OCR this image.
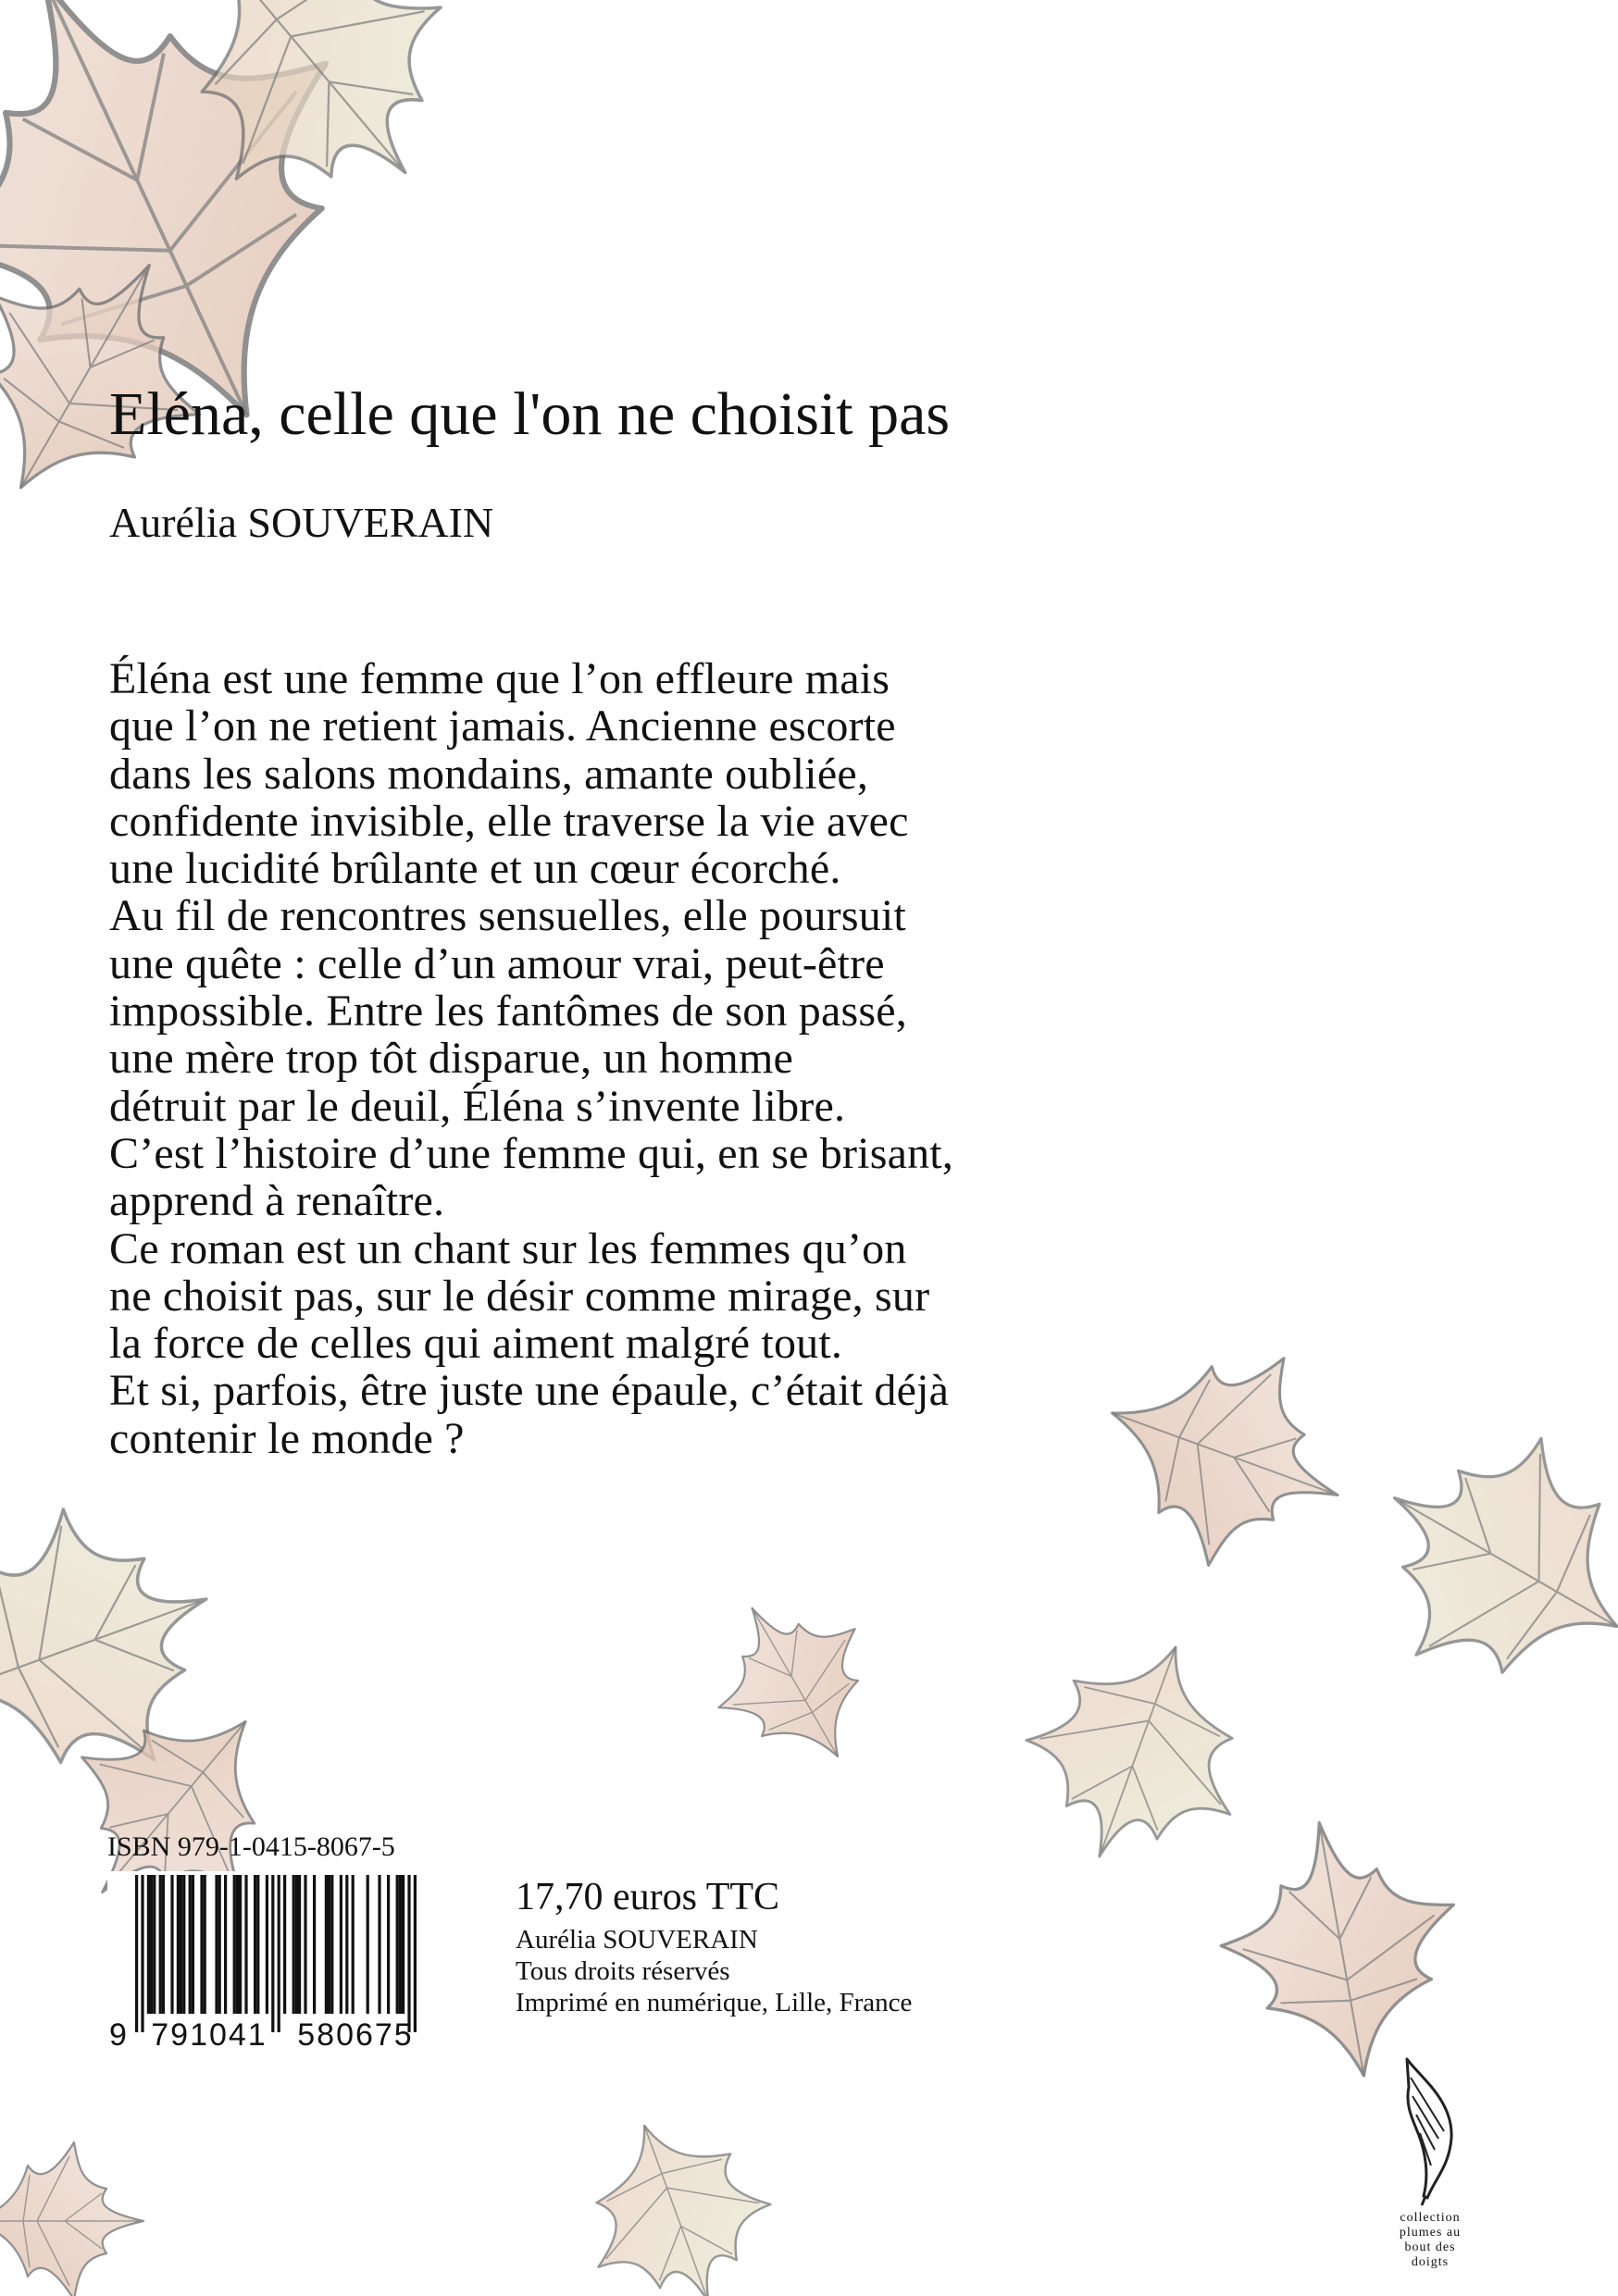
Eléna, celle que l'on ne choisit pas
Aurélia SOUVERAIN
Éléna est une femme que l’on effleure mais
que l’on ne retient jamais. Ancienne escorte
dans les salons mondains, amante oubliée,
confidente invisible, elle traverse la vie avec
une lucidité brûlante et un cœur écorché.
Au fil de rencontres sensuelles, elle poursuit
une quête : celle d’un amour vrai, peut-être
impossible. Entre les fantômes de son passé,
une mère trop tôt disparue, un homme
détruit par le deuil, Éléna s’invente libre.
C’est l’histoire d’une femme qui, en se brisant,
apprend à renaître.
Ce roman est un chant sur les femmes qu’on
ne choisit pas, sur le désir comme mirage, sur
la force de celles qui aiment malgré tout.
Et si, parfois, être juste une épaule, c’était déjà
contenir le monde ?
ISBN 979-1-0415-8067-5
9 791041 580675
17,70 euros TTC
Aurélia SOUVERAIN
Tous droits réservés
Imprimé en numérique, Lille, France
collection
plumes au
bout des
doigts
